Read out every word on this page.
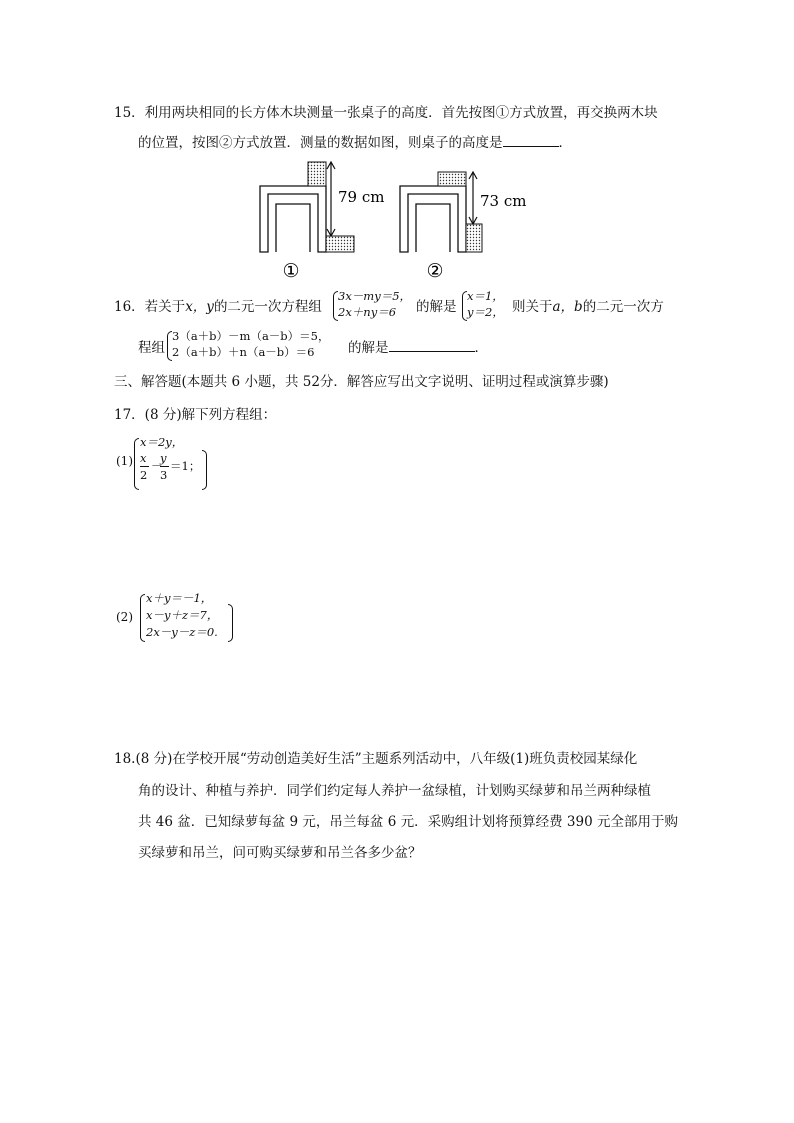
15．利用两块相同的长方体木块测量一张桌子的高度．首先按图①方式放置，再交换两木块
的位置，按图②方式放置．测量的数据如图，则桌子的高度是	．
79 cm
①
73 cm
②
16．若关于x，y的二元一次方程组
3x－my＝5，
2x＋ny＝6 的解是
x＝1，
y＝2， 则关于a，b的二元一次方
程组
3（a＋b）－m（a－b）＝5，
2（a＋b）＋n（a－b）＝6 的解是	．
三、解答题(本题共 6 小题，共 52分．解答应写出文字说明、证明过程或演算步骤)
17．(8 分)解下列方程组：
(1)
x＝2y，
x
2
－
y
3
＝1；
(2)
x＋y＝－1，
x－y＋z＝7，
2x－y－z＝0.
18.(8 分)在学校开展“劳动创造美好生活”主题系列活动中，八年级(1)班负责校园某绿化
角的设计、种植与养护．同学们约定每人养护一盆绿植，计划购买绿萝和吊兰两种绿植
共 46 盆．已知绿萝每盆 9 元，吊兰每盆 6 元．采购组计划将预算经费 390 元全部用于购
买绿萝和吊兰，问可购买绿萝和吊兰各多少盆？
